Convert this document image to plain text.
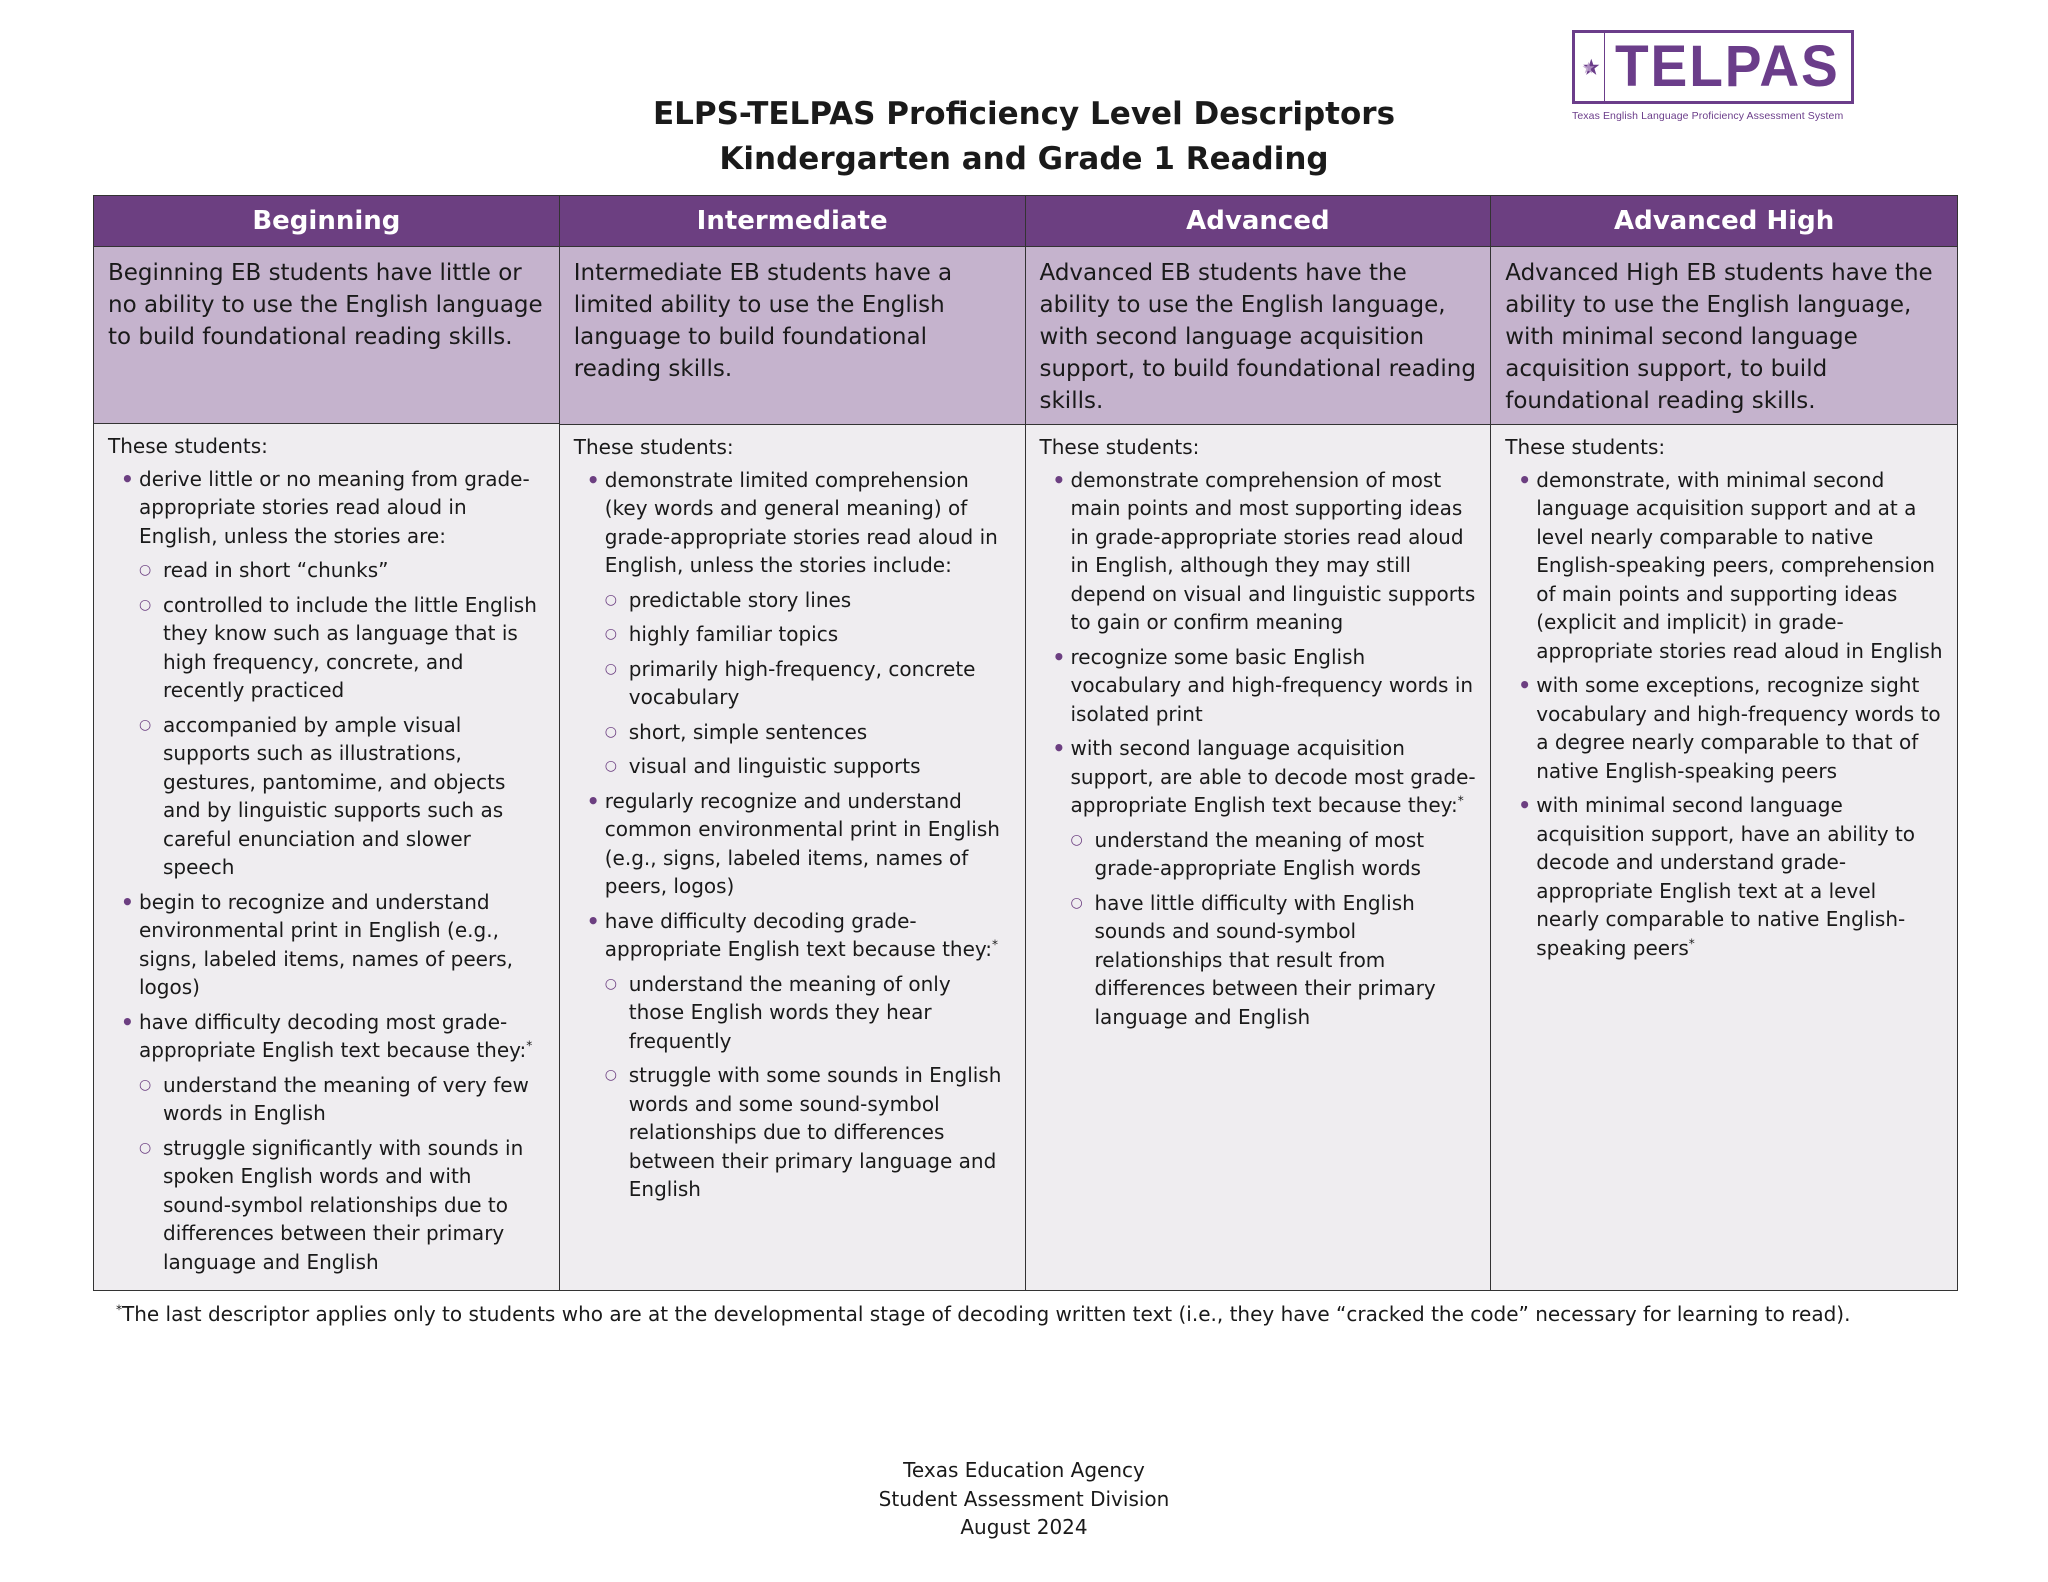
TELPAS
Texas English Language Proficiency Assessment System
ELPS-TELPAS Proficiency Level Descriptors
Kindergarten and Grade 1 Reading
Beginning
Beginning EB students have little or no ability to use the English language to build foundational reading skills.
These students:
• derive little or no meaning from grade-appropriate stories read aloud in English, unless the stories are:
○ read in short “chunks”
○ controlled to include the little English they know such as language that is high frequency, concrete, and recently practiced
○ accompanied by ample visual supports such as illustrations, gestures, pantomime, and objects and by linguistic supports such as careful enunciation and slower speech
• begin to recognize and understand environmental print in English (e.g., signs, labeled items, names of peers, logos)
• have difficulty decoding most grade-appropriate English text because they:*
○ understand the meaning of very few words in English
○ struggle significantly with sounds in spoken English words and with sound-symbol relationships due to differences between their primary language and English
Intermediate
Intermediate EB students have a limited ability to use the English language to build foundational reading skills.
These students:
• demonstrate limited comprehension (key words and general meaning) of grade-appropriate stories read aloud in English, unless the stories include:
○ predictable story lines
○ highly familiar topics
○ primarily high-frequency, concrete vocabulary
○ short, simple sentences
○ visual and linguistic supports
• regularly recognize and understand common environmental print in English (e.g., signs, labeled items, names of peers, logos)
• have difficulty decoding grade-appropriate English text because they:*
○ understand the meaning of only those English words they hear frequently
○ struggle with some sounds in English words and some sound-symbol relationships due to differences between their primary language and English
Advanced
Advanced EB students have the ability to use the English language, with second language acquisition support, to build foundational reading skills.
These students:
• demonstrate comprehension of most main points and most supporting ideas in grade-appropriate stories read aloud in English, although they may still depend on visual and linguistic supports to gain or confirm meaning
• recognize some basic English vocabulary and high-frequency words in isolated print
• with second language acquisition support, are able to decode most grade-appropriate English text because they:*
○ understand the meaning of most grade-appropriate English words
○ have little difficulty with English sounds and sound-symbol relationships that result from differences between their primary language and English
Advanced High
Advanced High EB students have the ability to use the English language, with minimal second language acquisition support, to build foundational reading skills.
These students:
• demonstrate, with minimal second language acquisition support and at a level nearly comparable to native English-speaking peers, comprehension of main points and supporting ideas (explicit and implicit) in grade-appropriate stories read aloud in English
• with some exceptions, recognize sight vocabulary and high-frequency words to a degree nearly comparable to that of native English-speaking peers
• with minimal second language acquisition support, have an ability to decode and understand grade-appropriate English text at a level nearly comparable to native English-speaking peers*
*The last descriptor applies only to students who are at the developmental stage of decoding written text (i.e., they have “cracked the code” necessary for learning to read).
Texas Education Agency
Student Assessment Division
August 2024
